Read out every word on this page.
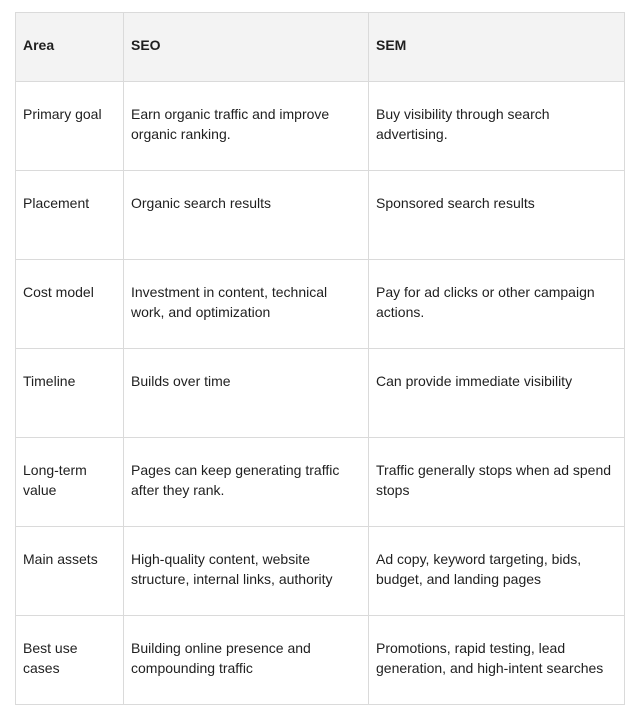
Area	SEO	SEM
Primary goal	Earn organic traffic and improve organic ranking.	Buy visibility through search advertising.
Placement	Organic search results	Sponsored search results
Cost model	Investment in content, technical work, and optimization	Pay for ad clicks or other campaign actions.
Timeline	Builds over time	Can provide immediate visibility
Long-term value	Pages can keep generating traffic after they rank.	Traffic generally stops when ad spend stops
Main assets	High-quality content, website structure, internal links, authority	Ad copy, keyword targeting, bids, budget, and landing pages
Best use cases	Building online presence and compounding traffic	Promotions, rapid testing, lead generation, and high-intent searches
